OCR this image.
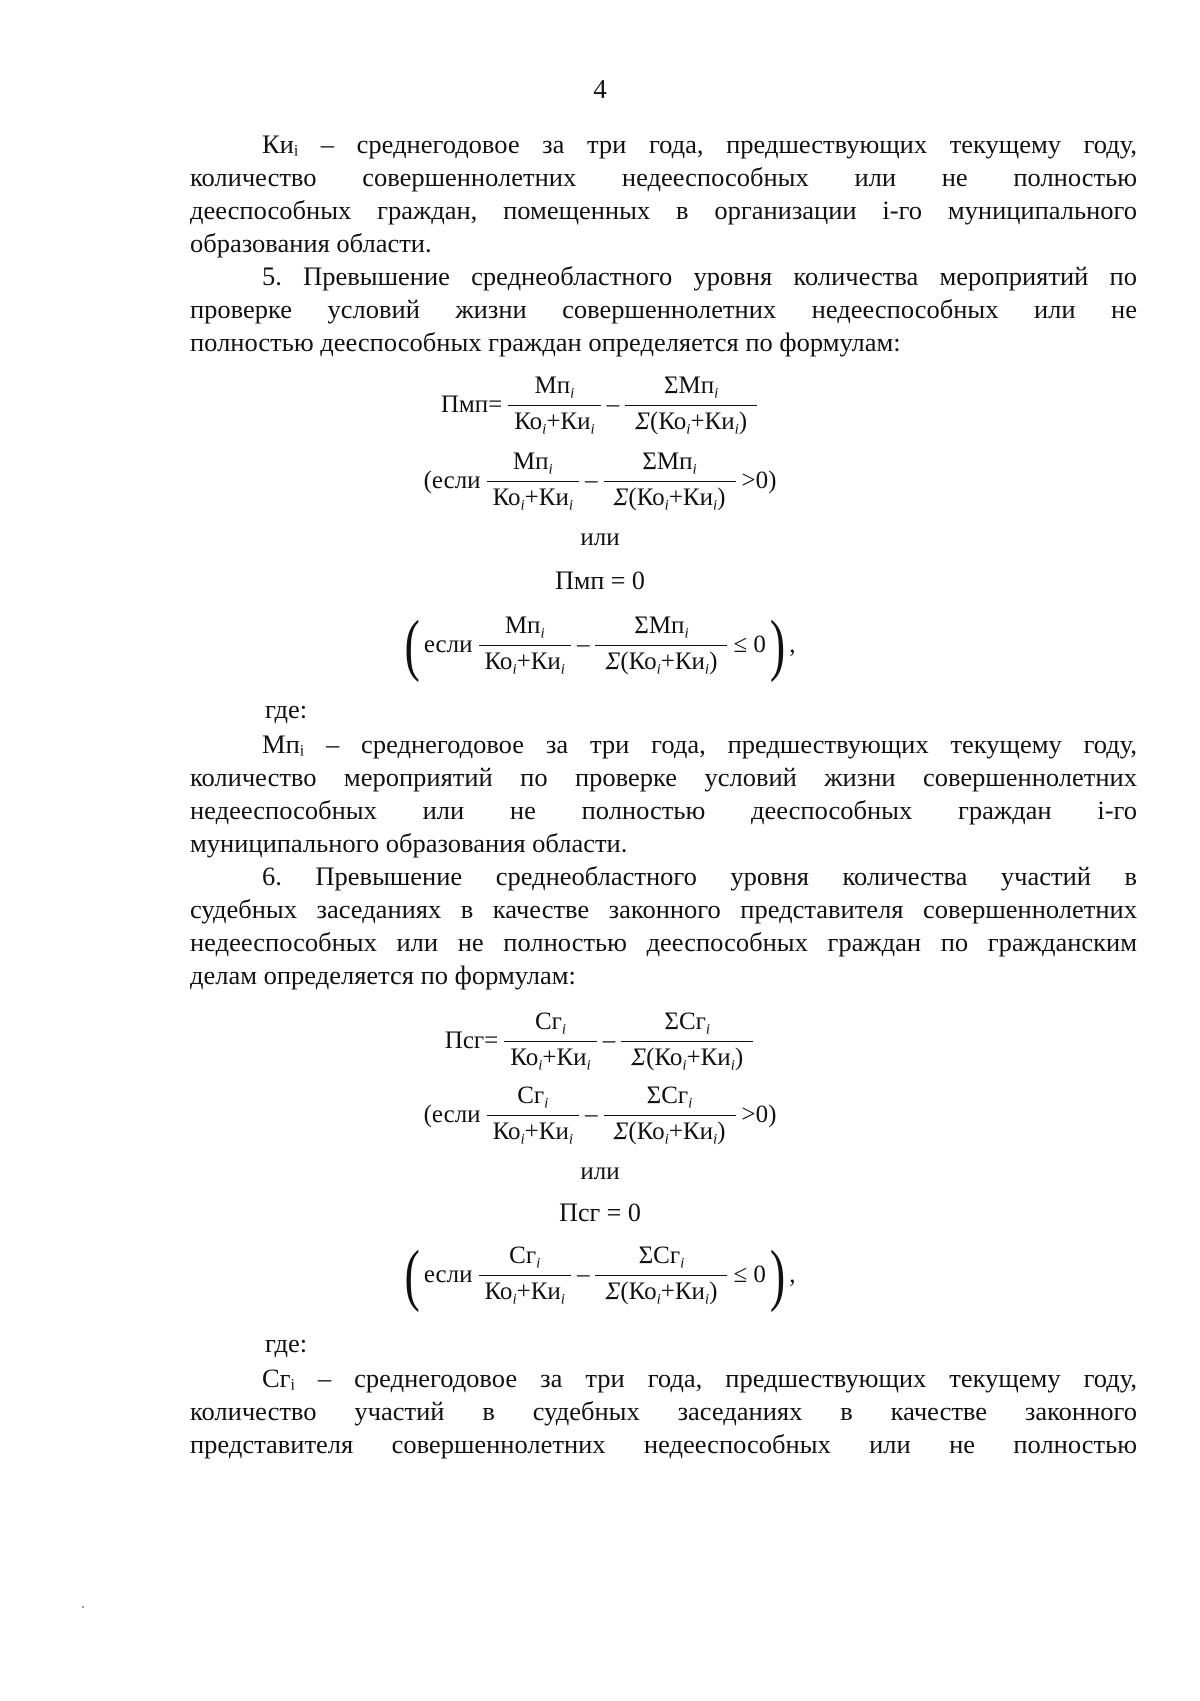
4
Киᵢ – среднегодовое за три года, предшествующих текущему году,
количество совершеннолетних недееспособных или не полностью
дееспособных граждан, помещенных в организации i-го муниципального
образования области.
5. Превышение среднеобластного уровня количества мероприятий по
проверке условий жизни совершеннолетних недееспособных или не
полностью дееспособных граждан определяется по формулам:
$Пмп= \frac{Мп_i}{Ко_i+Ки_i} - \frac{\Sigma Мп_i}{\Sigma(Ко_i+Ки_i)}$
(если $\frac{Мп_i}{Ко_i+Ки_i} - \frac{\Sigma Мп_i}{\Sigma(Ко_i+Ки_i)} >0$)
или
Пмп = 0
( если $\frac{Мп_i}{Ко_i+Ки_i} - \frac{\Sigma Мп_i}{\Sigma(Ко_i+Ки_i)} \le 0$ ) ,
где:
Мпᵢ – среднегодовое за три года, предшествующих текущему году,
количество мероприятий по проверке условий жизни совершеннолетних
недееспособных или не полностью дееспособных граждан i-го
муниципального образования области.
6. Превышение среднеобластного уровня количества участий в
судебных заседаниях в качестве законного представителя совершеннолетних
недееспособных или не полностью дееспособных граждан по гражданским
делам определяется по формулам:
$Псг= \frac{Сг_i}{Ко_i+Ки_i} - \frac{\Sigma Сг_i}{\Sigma(Ко_i+Ки_i)}$
(если $\frac{Сг_i}{Ко_i+Ки_i} - \frac{\Sigma Сг_i}{\Sigma(Ко_i+Ки_i)} >0$)
или
Псг = 0
( если $\frac{Сг_i}{Ко_i+Ки_i} - \frac{\Sigma Сг_i}{\Sigma(Ко_i+Ки_i)} \le 0$ ) ,
где:
Сгᵢ – среднегодовое за три года, предшествующих текущему году,
количество участий в судебных заседаниях в качестве законного
представителя совершеннолетних недееспособных или не полностью
